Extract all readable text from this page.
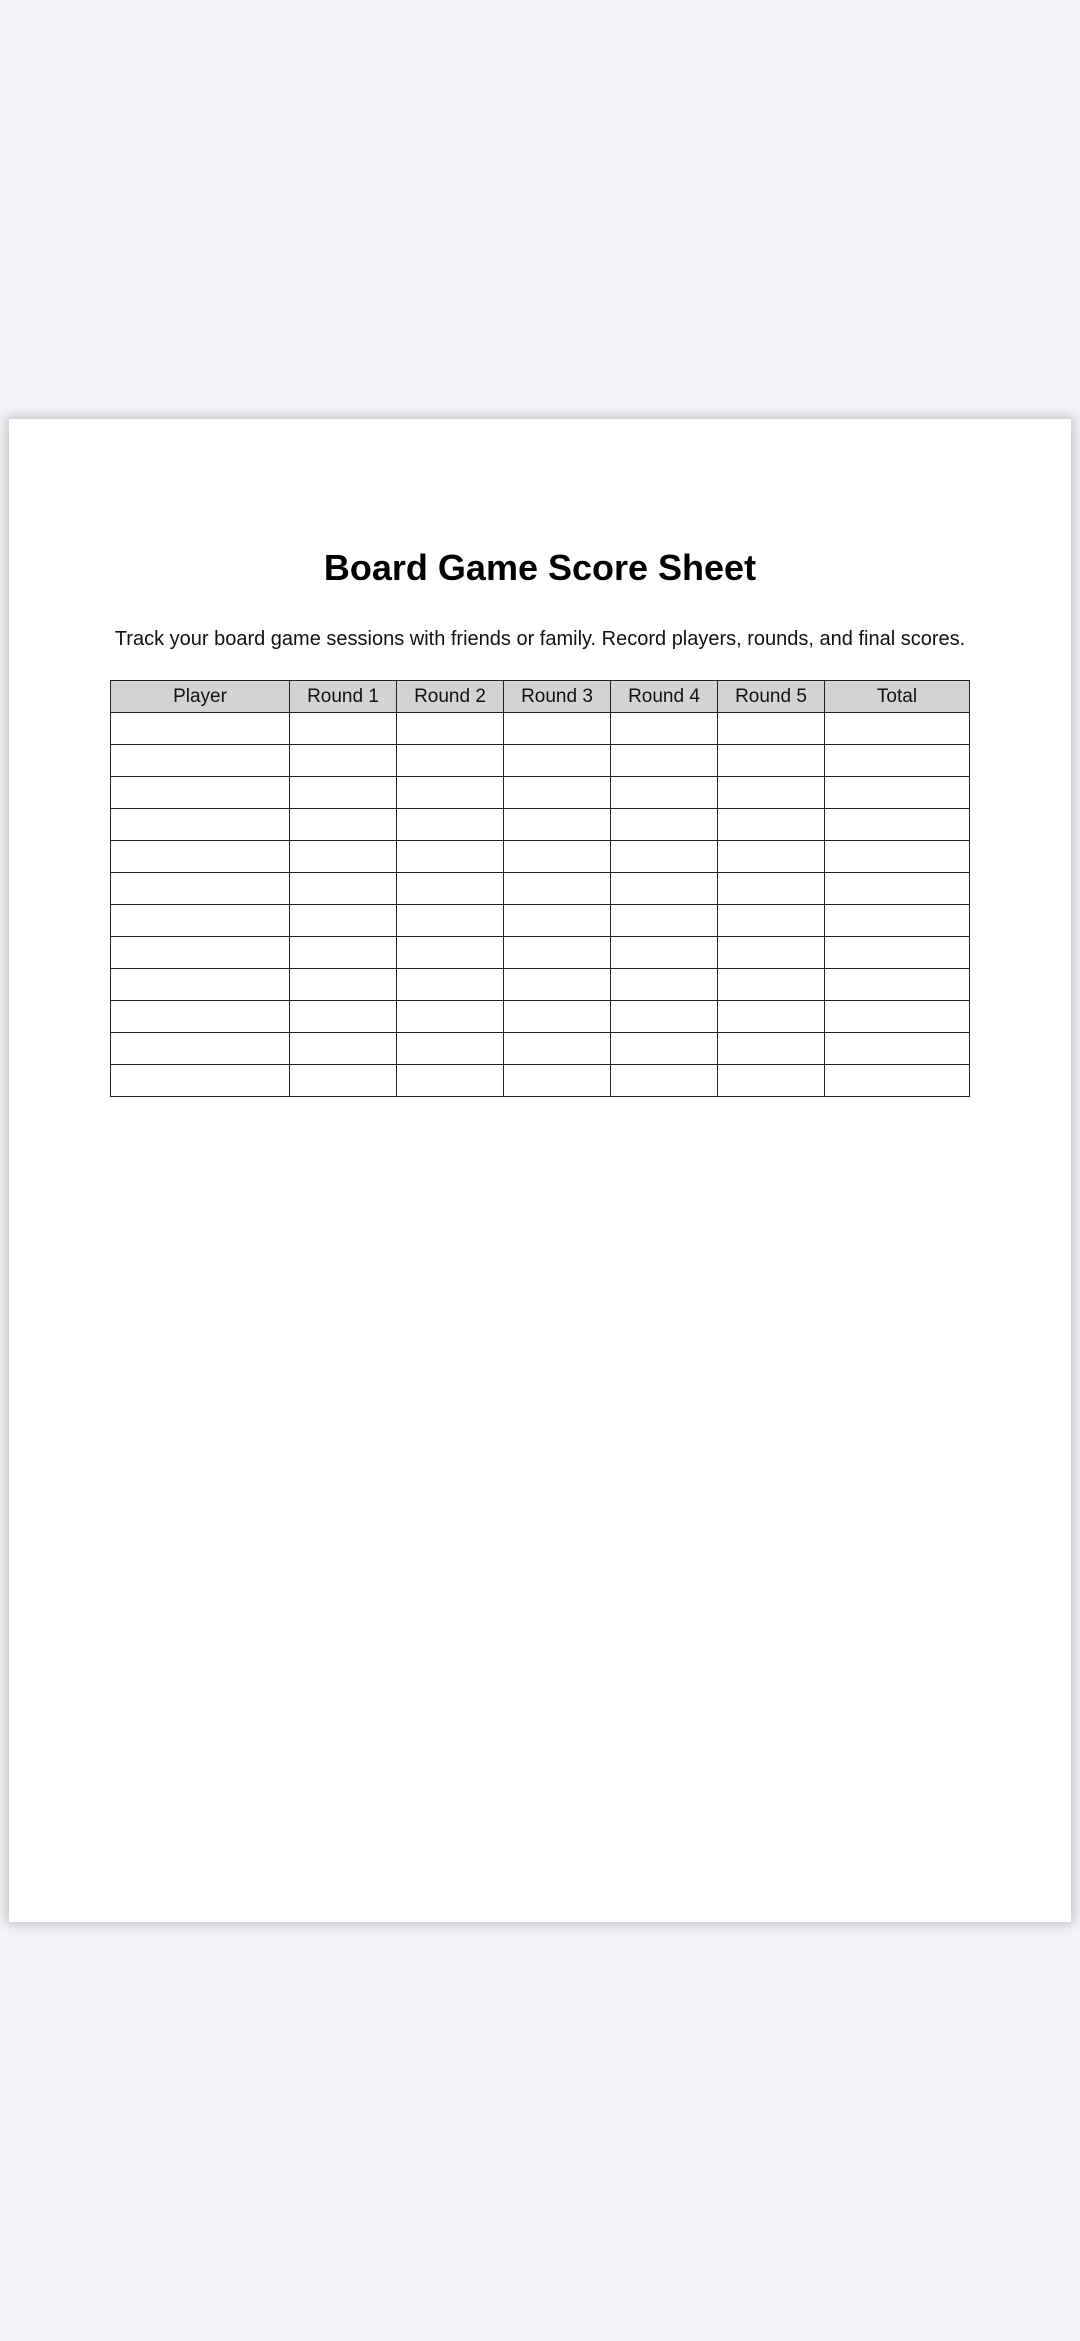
Board Game Score Sheet

Track your board game sessions with friends or family. Record players, rounds, and final scores.

Player	Round 1	Round 2	Round 3	Round 4	Round 5	Total
